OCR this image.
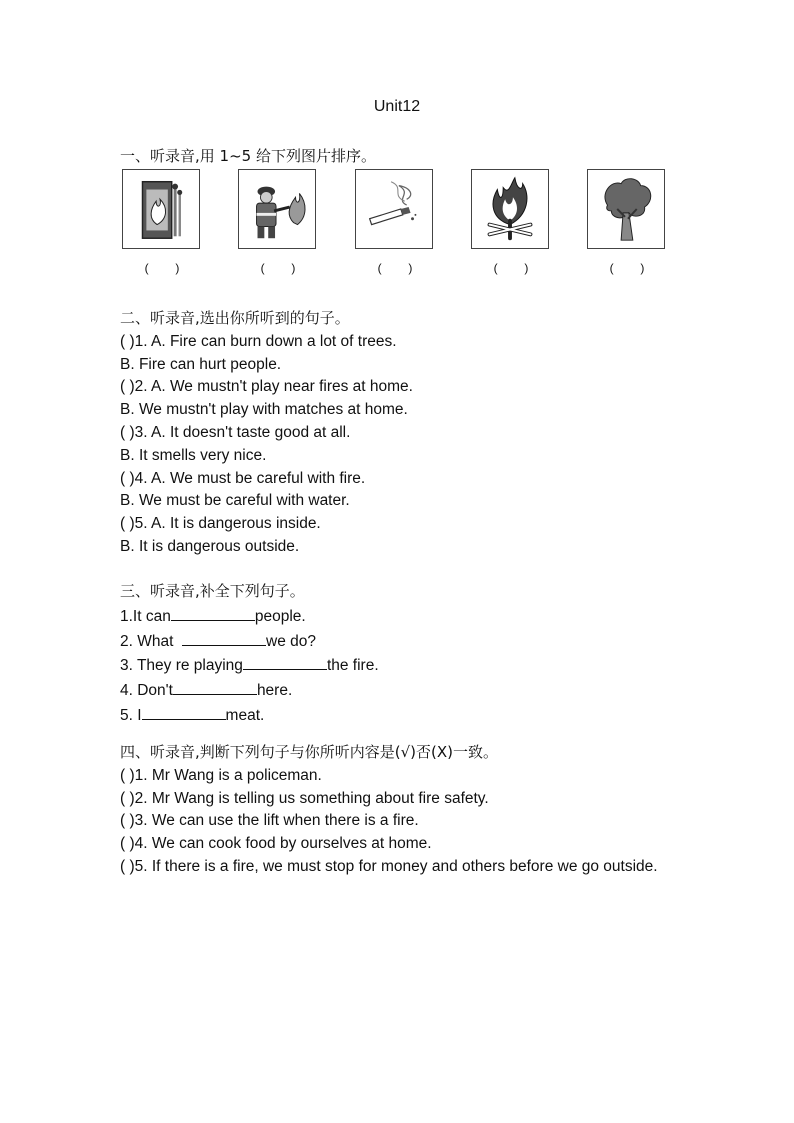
Unit12
一、听录音,用 1~5 给下列图片排序。
(        )	(        )	(        )	(        )	(        )
二、听录音,选出你所听到的句子。
( )1. A. Fire can burn down a lot of trees.
B. Fire can hurt people.
( )2. A. We mustn't play near fires at home.
B. We mustn't play with matches at home.
( )3. A. It doesn't taste good at all.
B. It smells very nice.
( )4. A. We must be careful with fire.
B. We must be careful with water.
( )5. A. It is dangerous inside.
B. It is dangerous outside.
三、听录音,补全下列句子。
1.It can	people.
2. What	we do?
3. They re playing	the fire.
4. Don't	here.
5. I	meat.
四、听录音,判断下列句子与你所听内容是(√)否(X)一致。
( )1. Mr Wang is a policeman.
( )2. Mr Wang is telling us something about fire safety.
( )3. We can use the lift when there is a fire.
( )4. We can cook food by ourselves at home.
( )5. If there is a fire, we must stop for money and others before we go outside.
